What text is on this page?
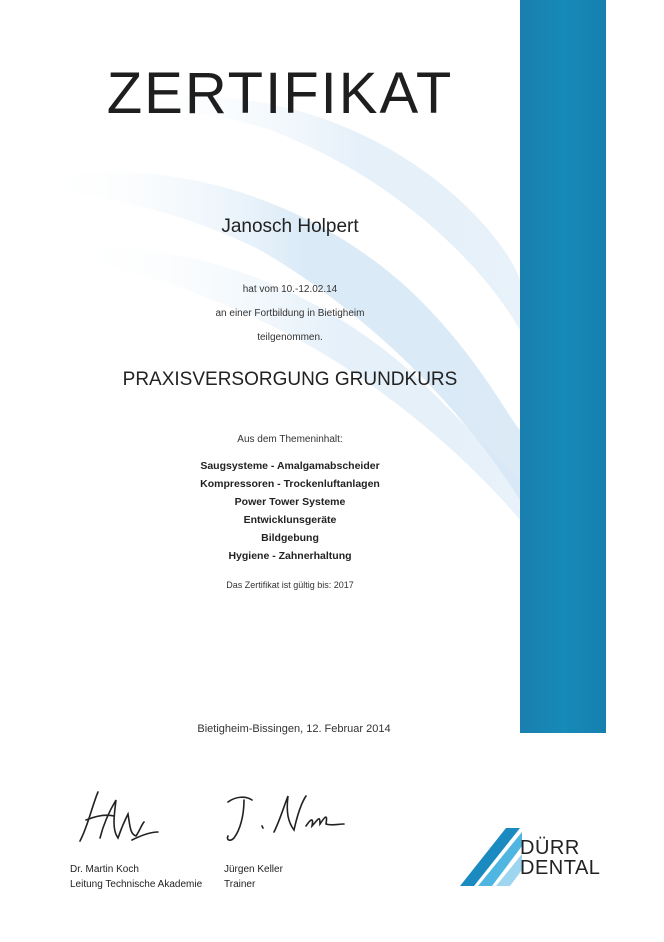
ZERTIFIKAT
Janosch Holpert
hat vom 10.-12.02.14
an einer Fortbildung in Bietigheim
teilgenommen.
PRAXISVERSORGUNG GRUNDKURS
Aus dem Themeninhalt:
Saugsysteme - Amalgamabscheider
Kompressoren - Trockenluftanlagen
Power Tower Systeme
Entwicklunsgeräte
Bildgebung
Hygiene - Zahnerhaltung
Das Zertifikat ist gültig bis: 2017
Bietigheim-Bissingen, 12. Februar 2014
Dr. Martin Koch
Leitung Technische Akademie
Jürgen Keller
Trainer
DÜRR
DENTAL
